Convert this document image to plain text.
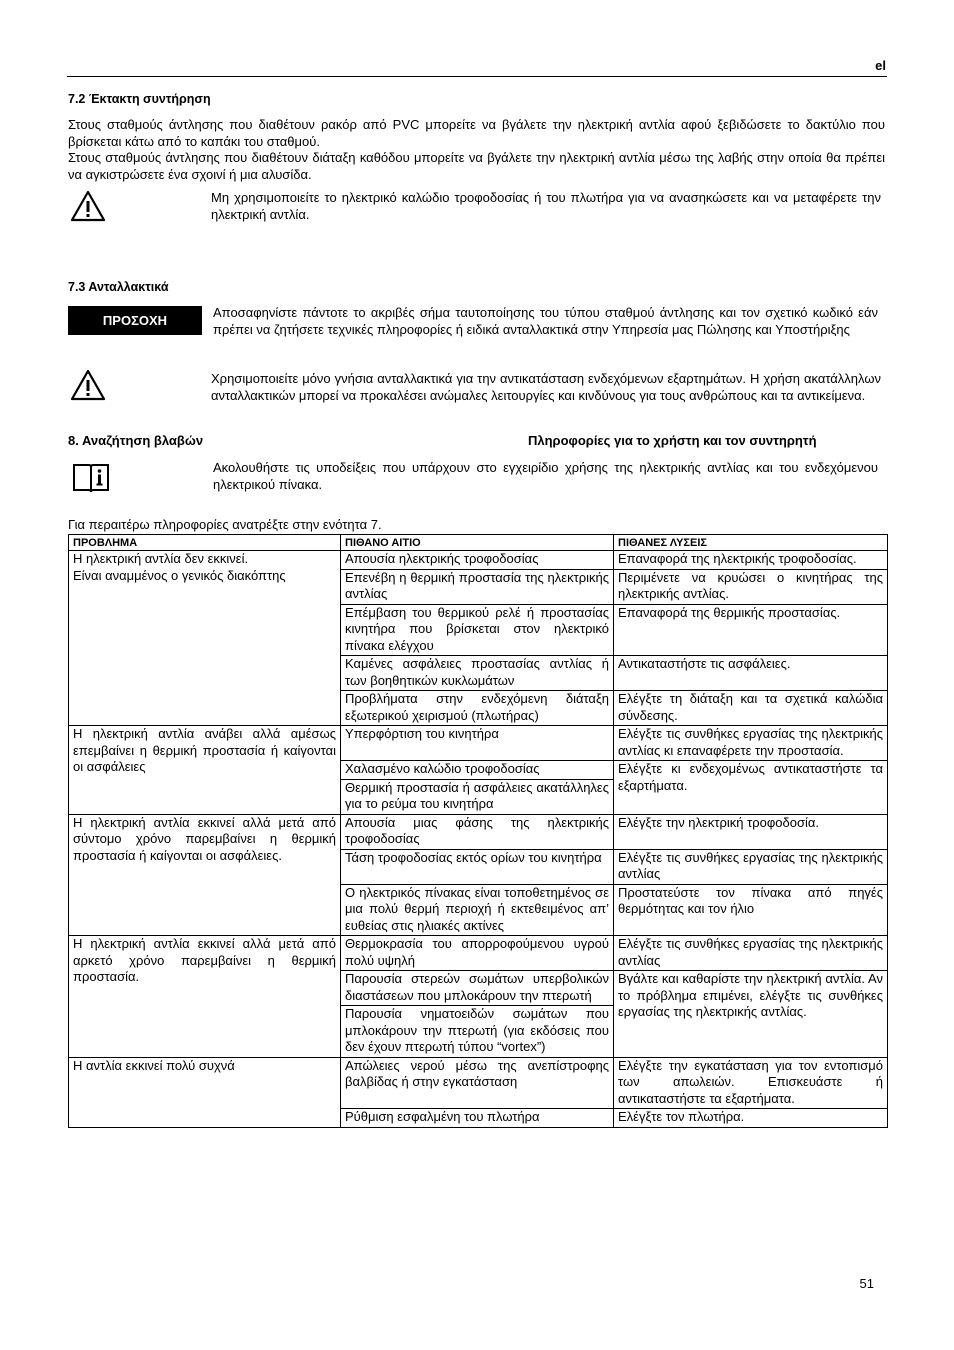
el
7.2 Έκτακτη συντήρηση
Στους σταθμούς άντλησης που διαθέτουν ρακόρ από PVC μπορείτε να βγάλετε την ηλεκτρική αντλία αφού ξεβιδώσετε το δακτύλιο που βρίσκεται κάτω από το καπάκι του σταθμού.
Στους σταθμούς άντλησης που διαθέτουν διάταξη καθόδου μπορείτε να βγάλετε την ηλεκτρική αντλία μέσω της λαβής στην οποία θα πρέπει να αγκιστρώσετε ένα σχοινί ή μια αλυσίδα.
Μη χρησιμοποιείτε το ηλεκτρικό καλώδιο τροφοδοσίας ή του πλωτήρα για να ανασηκώσετε και να μεταφέρετε την ηλεκτρική αντλία.
7.3 Ανταλλακτικά
ΠΡΟΣΟΧΗ
Αποσαφηνίστε πάντοτε το ακριβές σήμα ταυτοποίησης του τύπου σταθμού άντλησης και τον σχετικό κωδικό εάν πρέπει να ζητήσετε τεχνικές πληροφορίες ή ειδικά ανταλλακτικά στην Υπηρεσία μας Πώλησης και Υποστήριξης
Χρησιμοποιείτε μόνο γνήσια ανταλλακτικά για την αντικατάσταση ενδεχόμενων εξαρτημάτων. Η χρήση ακατάλληλων ανταλλακτικών μπορεί να προκαλέσει ανώμαλες λειτουργίες και κινδύνους για τους ανθρώπους και τα αντικείμενα.
8. Αναζήτηση βλαβών	Πληροφορίες για το χρήστη και τον συντηρητή
Ακολουθήστε τις υποδείξεις που υπάρχουν στο εγχειρίδιο χρήσης της ηλεκτρικής αντλίας και του ενδεχόμενου ηλεκτρικού πίνακα.
Για περαιτέρω πληροφορίες ανατρέξτε στην ενότητα 7.
ΠΡΟΒΛΗΜΑ	ΠΙΘΑΝΟ ΑΙΤΙΟ	ΠΙΘΑΝΕΣ ΛΥΣΕΙΣ
Η ηλεκτρική αντλία δεν εκκινεί.
Είναι αναμμένος ο γενικός διακόπτης	Απουσία ηλεκτρικής τροφοδοσίας	Επαναφορά της ηλεκτρικής τροφοδοσίας.
	Επενέβη η θερμική προστασία της ηλεκτρικής αντλίας	Περιμένετε να κρυώσει ο κινητήρας της ηλεκτρικής αντλίας.
	Επέμβαση του θερμικού ρελέ ή προστασίας κινητήρα που βρίσκεται στον ηλεκτρικό πίνακα ελέγχου	Επαναφορά της θερμικής προστασίας.
	Καμένες ασφάλειες προστασίας αντλίας ή των βοηθητικών κυκλωμάτων	Αντικαταστήστε τις ασφάλειες.
	Προβλήματα στην ενδεχόμενη διάταξη εξωτερικού χειρισμού (πλωτήρας)	Ελέγξτε τη διάταξη και τα σχετικά καλώδια σύνδεσης.
Η ηλεκτρική αντλία ανάβει αλλά αμέσως επεμβαίνει η θερμική προστασία ή καίγονται οι ασφάλειες	Υπερφόρτιση του κινητήρα	Ελέγξτε τις συνθήκες εργασίας της ηλεκτρικής αντλίας κι επαναφέρετε την προστασία.
	Χαλασμένο καλώδιο τροφοδοσίας	Ελέγξτε κι ενδεχομένως αντικαταστήστε τα εξαρτήματα.
	Θερμική προστασία ή ασφάλειες ακατάλληλες για το ρεύμα του κινητήρα	
Η ηλεκτρική αντλία εκκινεί αλλά μετά από σύντομο χρόνο παρεμβαίνει η θερμική προστασία ή καίγονται οι ασφάλειες.	Απουσία μιας φάσης της ηλεκτρικής τροφοδοσίας	Ελέγξτε την ηλεκτρική τροφοδοσία.
	Τάση τροφοδοσίας εκτός ορίων του κινητήρα	Ελέγξτε τις συνθήκες εργασίας της ηλεκτρικής αντλίας
	Ο ηλεκτρικός πίνακας είναι τοποθετημένος σε μια πολύ θερμή περιοχή ή εκτεθειμένος απ’ ευθείας στις ηλιακές ακτίνες	Προστατεύστε τον πίνακα από πηγές θερμότητας και τον ήλιο
Η ηλεκτρική αντλία εκκινεί αλλά μετά από αρκετό χρόνο παρεμβαίνει η θερμική προστασία.	Θερμοκρασία του απορροφούμενου υγρού πολύ υψηλή	Ελέγξτε τις συνθήκες εργασίας της ηλεκτρικής αντλίας
	Παρουσία στερεών σωμάτων υπερβολικών διαστάσεων που μπλοκάρουν την πτερωτή	Βγάλτε και καθαρίστε την ηλεκτρική αντλία. Αν το πρόβλημα επιμένει, ελέγξτε τις συνθήκες εργασίας της ηλεκτρικής αντλίας.
	Παρουσία νηματοειδών σωμάτων που μπλοκάρουν την πτερωτή (για εκδόσεις που δεν έχουν πτερωτή τύπου “vortex”)	
Η αντλία εκκινεί πολύ συχνά	Απώλειες νερού μέσω της ανεπίστροφης βαλβίδας ή στην εγκατάσταση	Ελέγξτε την εγκατάσταση για τον εντοπισμό των απωλειών. Επισκευάστε ή αντικαταστήστε τα εξαρτήματα.
	Ρύθμιση εσφαλμένη του πλωτήρα	Ελέγξτε τον πλωτήρα.
51
